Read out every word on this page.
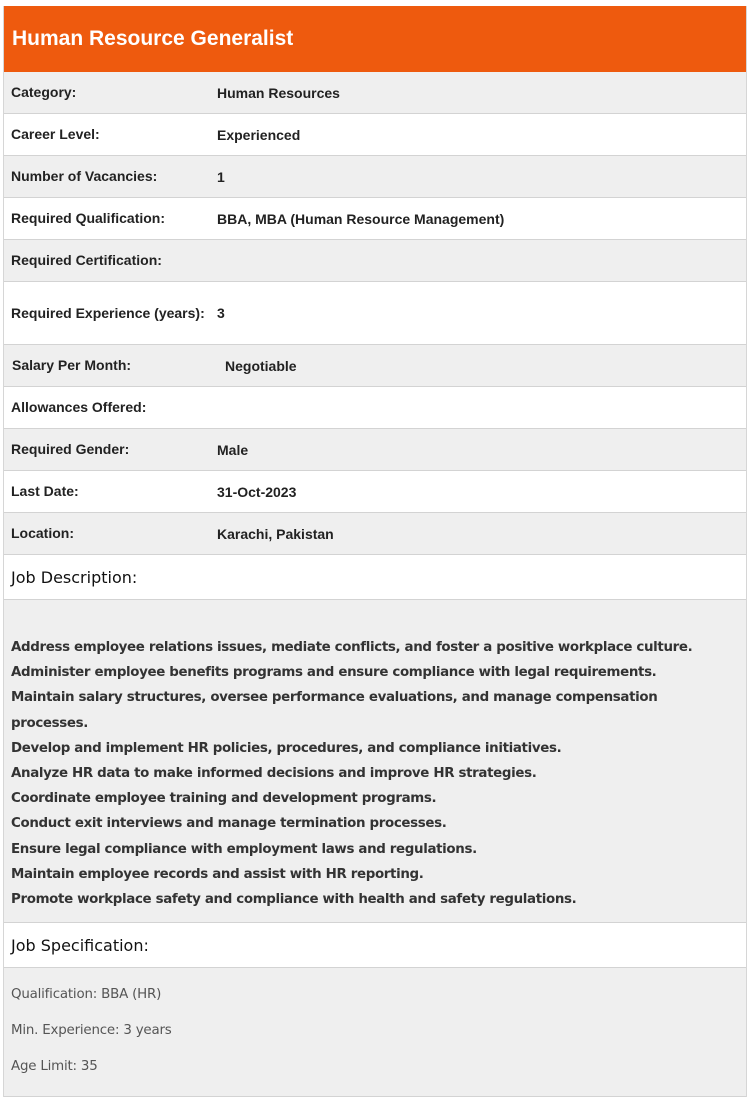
Human Resource Generalist
Category:	Human Resources
Career Level:	Experienced
Number of Vacancies:	1
Required Qualification:	BBA, MBA (Human Resource Management)
Required Certification:
Required Experience (years): 3
Salary Per Month:	Negotiable
Allowances Offered:
Required Gender:	Male
Last Date:	31-Oct-2023
Location:	Karachi, Pakistan
Job Description:
Address employee relations issues, mediate conflicts, and foster a positive workplace culture.
Administer employee benefits programs and ensure compliance with legal requirements.
Maintain salary structures, oversee performance evaluations, and manage compensation processes.
Develop and implement HR policies, procedures, and compliance initiatives.
Analyze HR data to make informed decisions and improve HR strategies.
Coordinate employee training and development programs.
Conduct exit interviews and manage termination processes.
Ensure legal compliance with employment laws and regulations.
Maintain employee records and assist with HR reporting.
Promote workplace safety and compliance with health and safety regulations.
Job Specification:

Qualification: BBA (HR)

Min. Experience: 3 years

Age Limit: 35
